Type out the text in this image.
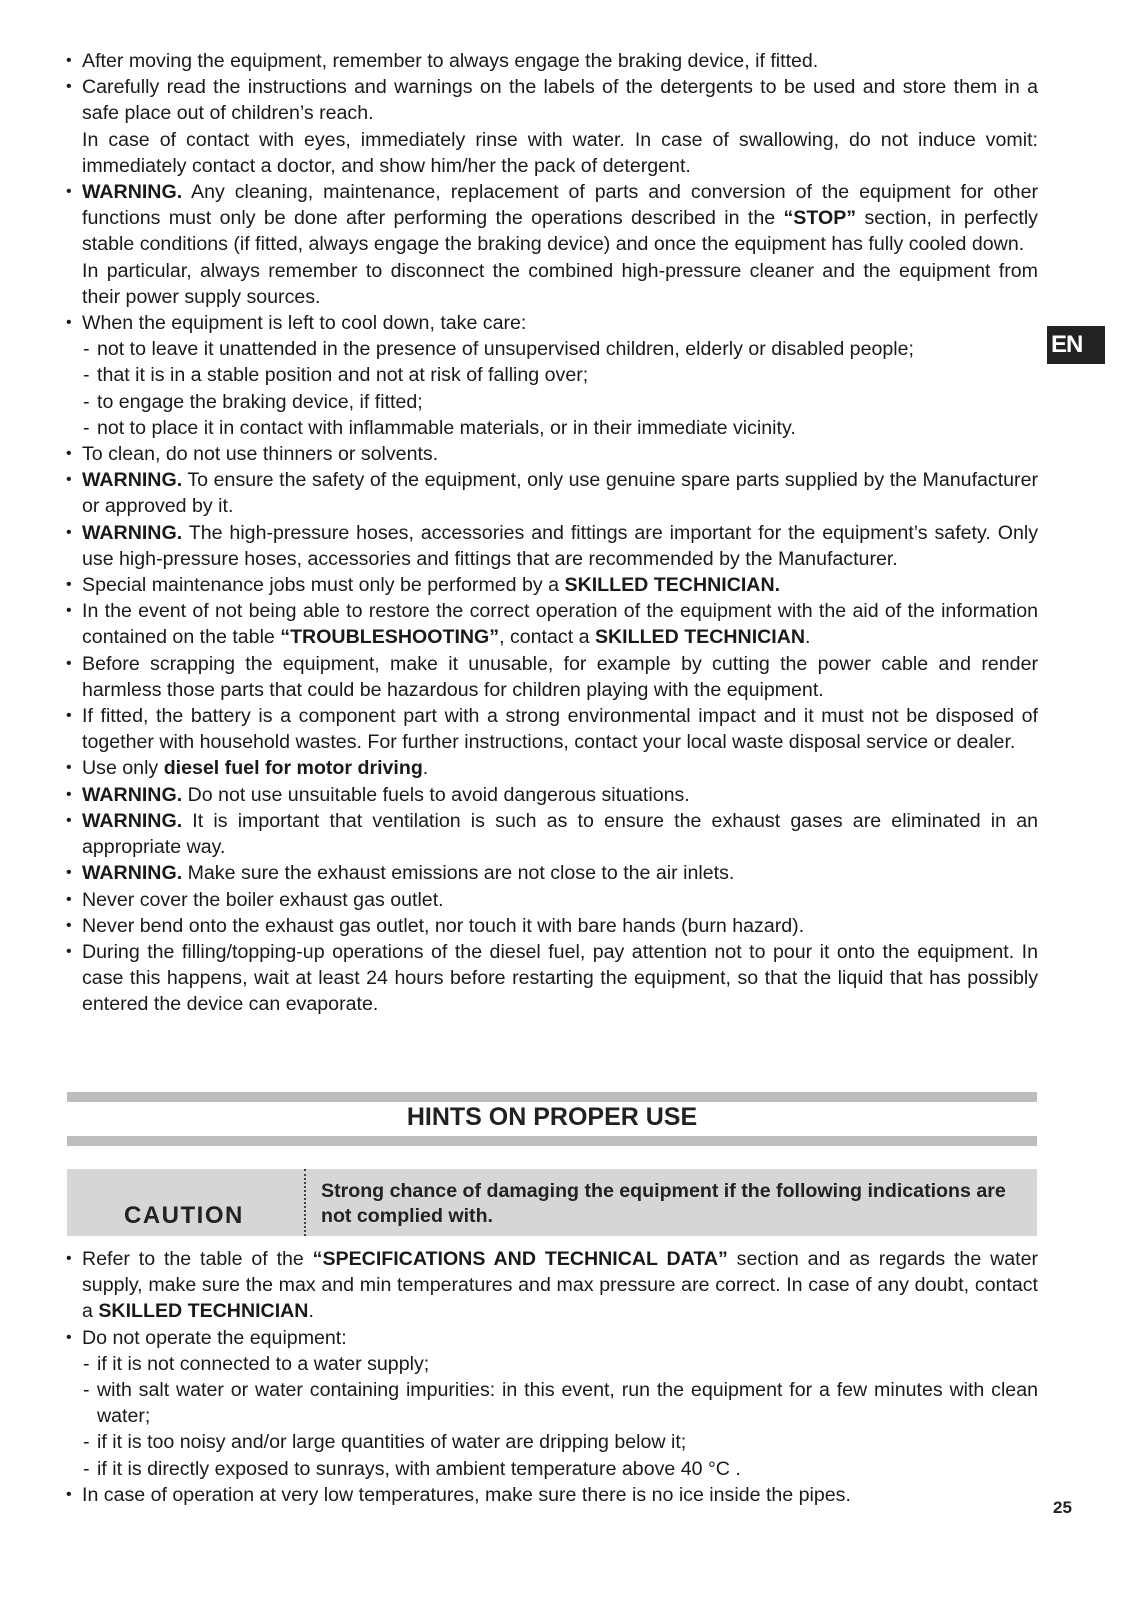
• After moving the equipment, remember to always engage the braking device, if fitted.
• Carefully read the instructions and warnings on the labels of the detergents to be used and store them in a safe place out of children’s reach.
In case of contact with eyes, immediately rinse with water. In case of swallowing, do not induce vomit: immediately contact a doctor, and show him/her the pack of detergent.
• WARNING. Any cleaning, maintenance, replacement of parts and conversion of the equipment for other functions must only be done after performing the operations described in the “STOP” section, in perfectly stable conditions (if fitted, always engage the braking device) and once the equipment has fully cooled down.
In particular, always remember to disconnect the combined high-pressure cleaner and the equipment from their power supply sources.
• When the equipment is left to cool down, take care:
- not to leave it unattended in the presence of unsupervised children, elderly or disabled people;
- that it is in a stable position and not at risk of falling over;
- to engage the braking device, if fitted;
- not to place it in contact with inflammable materials, or in their immediate vicinity.
• To clean, do not use thinners or solvents.
• WARNING. To ensure the safety of the equipment, only use genuine spare parts supplied by the Manufacturer or approved by it.
• WARNING. The high-pressure hoses, accessories and fittings are important for the equipment’s safety. Only use high-pressure hoses, accessories and fittings that are recommended by the Manufacturer.
• Special maintenance jobs must only be performed by a SKILLED TECHNICIAN.
• In the event of not being able to restore the correct operation of the equipment with the aid of the information contained on the table “TROUBLESHOOTING”, contact a SKILLED TECHNICIAN.
• Before scrapping the equipment, make it unusable, for example by cutting the power cable and render harmless those parts that could be hazardous for children playing with the equipment.
• If fitted, the battery is a component part with a strong environmental impact and it must not be disposed of together with household wastes. For further instructions, contact your local waste disposal service or dealer.
• Use only diesel fuel for motor driving.
• WARNING. Do not use unsuitable fuels to avoid dangerous situations.
• WARNING. It is important that ventilation is such as to ensure the exhaust gases are eliminated in an appropriate way.
• WARNING. Make sure the exhaust emissions are not close to the air inlets.
• Never cover the boiler exhaust gas outlet.
• Never bend onto the exhaust gas outlet, nor touch it with bare hands (burn hazard).
• During the filling/topping-up operations of the diesel fuel, pay attention not to pour it onto the equipment. In case this happens, wait at least 24 hours before restarting the equipment, so that the liquid that has possibly entered the device can evaporate.
EN
HINTS ON PROPER USE
CAUTION
Strong chance of damaging the equipment if the following indications are not complied with.
• Refer to the table of the “SPECIFICATIONS AND TECHNICAL DATA” section and as regards the water supply, make sure the max and min temperatures and max pressure are correct. In case of any doubt, contact a SKILLED TECHNICIAN.
• Do not operate the equipment:
- if it is not connected to a water supply;
- with salt water or water containing impurities: in this event, run the equipment for a few minutes with clean water;
- if it is too noisy and/or large quantities of water are dripping below it;
- if it is directly exposed to sunrays, with ambient temperature above 40 °C .
• In case of operation at very low temperatures, make sure there is no ice inside the pipes.
25
